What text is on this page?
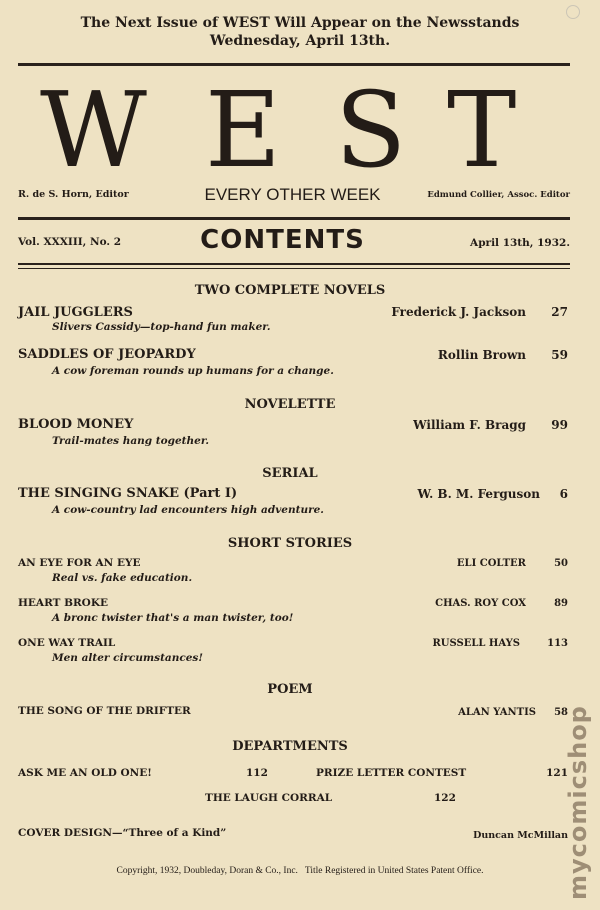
The Next Issue of WEST Will Appear on the Newsstands
Wednesday, April 13th.
W E S T
R. de S. Horn, Editor	EVERY OTHER WEEK	Edmund Collier, Assoc. Editor
Vol. XXXIII, No. 2	CONTENTS	April 13th, 1932.
TWO COMPLETE NOVELS
JAIL JUGGLERS	Frederick J. Jackson	27
Slivers Cassidy—top-hand fun maker.
SADDLES OF JEOPARDY	Rollin Brown	59
A cow foreman rounds up humans for a change.
NOVELETTE
BLOOD MONEY	William F. Bragg	99
Trail-mates hang together.
SERIAL
THE SINGING SNAKE (Part I)	W. B. M. Ferguson	6
A cow-country lad encounters high adventure.
SHORT STORIES
AN EYE FOR AN EYE	ELI COLTER	50
Real vs. fake education.
HEART BROKE	CHAS. ROY COX	89
A bronc twister that's a man twister, too!
ONE WAY TRAIL	RUSSELL HAYS	113
Men alter circumstances!
POEM
THE SONG OF THE DRIFTER	ALAN YANTIS	58
DEPARTMENTS
ASK ME AN OLD ONE!	112	PRIZE LETTER CONTEST	121
THE LAUGH CORRAL	122
COVER DESIGN—“Three of a Kind”	Duncan McMillan
Copyright, 1932, Doubleday, Doran & Co., Inc.   Title Registered in United States Patent Office.	mycomicshop
